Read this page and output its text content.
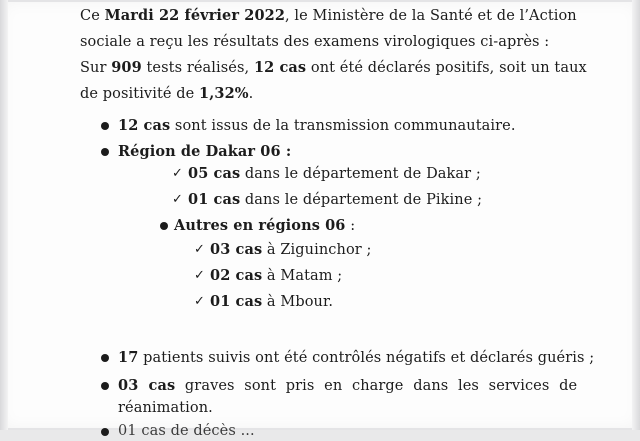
Ce Mardi 22 février 2022, le Ministère de la Santé et de l’Action
sociale a reçu les résultats des examens virologiques ci-après :
Sur 909 tests réalisés, 12 cas ont été déclarés positifs, soit un taux
de positivité de 1,32%.
12 cas sont issus de la transmission communautaire.
Région de Dakar 06 :
✓ 05 cas dans le département de Dakar ;
✓ 01 cas dans le département de Pikine ;
Autres en régions 06 :
✓ 03 cas à Ziguinchor ;
✓ 02 cas à Matam ;
✓ 01 cas à Mbour.
17 patients suivis ont été contrôlés négatifs et déclarés guéris ;
03 cas graves sont pris en charge dans les services de
réanimation.
01 cas de décès ...
